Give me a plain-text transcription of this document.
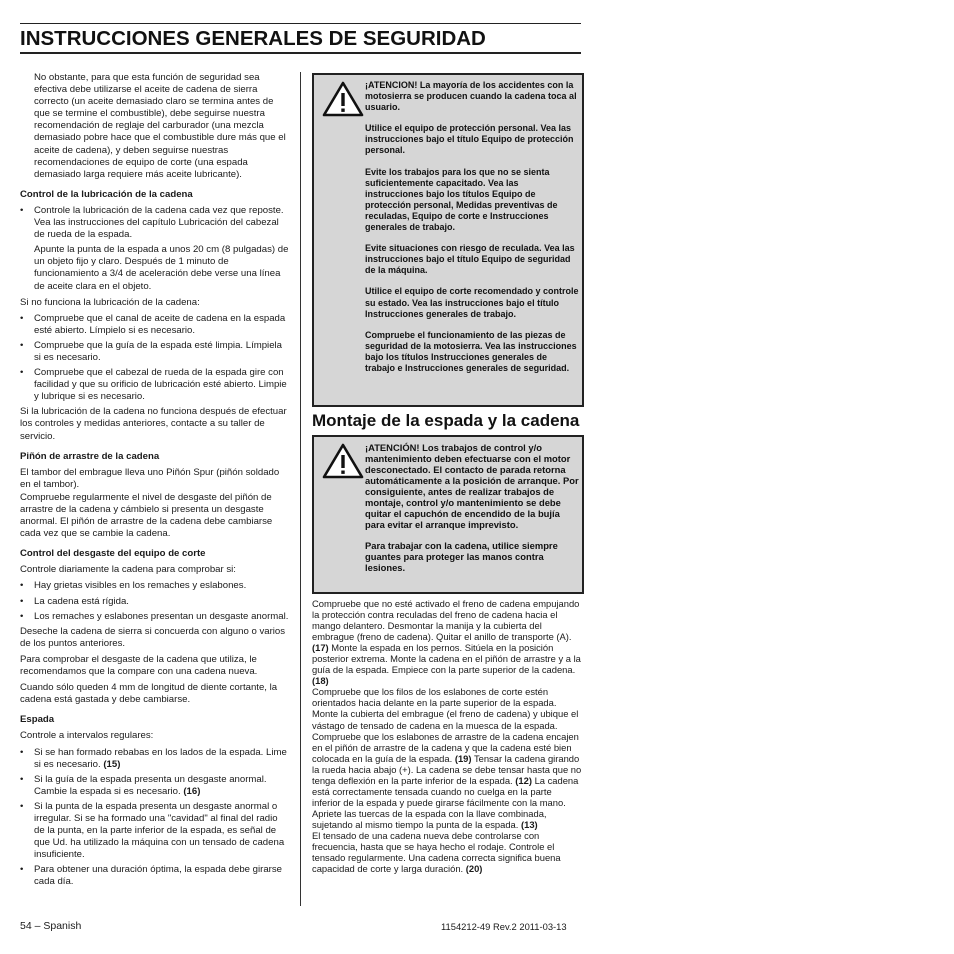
INSTRUCCIONES GENERALES DE SEGURIDAD

No obstante, para que esta función de seguridad sea efectiva debe utilizarse el aceite de cadena de sierra correcto (un aceite demasiado claro se termina antes de que se termine el combustible), debe seguirse nuestra recomendación de reglaje del carburador (una mezcla demasiado pobre hace que el combustible dure más que el aceite de cadena), y deben seguirse nuestras recomendaciones de equipo de corte (una espada demasiado larga requiere más aceite lubricante).

Control de la lubricación de la cadena
• Controle la lubricación de la cadena cada vez que reposte. Vea las instrucciones del capítulo Lubricación del cabezal de rueda de la espada.

Apunte la punta de la espada a unos 20 cm (8 pulgadas) de un objeto fijo y claro. Después de 1 minuto de funcionamiento a 3/4 de aceleración debe verse una línea de aceite clara en el objeto.

Si no funciona la lubricación de la cadena:

• Compruebe que el canal de aceite de cadena en la espada esté abierto. Límpielo si es necesario.
• Compruebe que la guía de la espada esté limpia. Límpiela si es necesario.
• Compruebe que el cabezal de rueda de la espada gire con facilidad y que su orificio de lubricación esté abierto. Limpie y lubrique si es necesario.

Si la lubricación de la cadena no funciona después de efectuar los controles y medidas anteriores, contacte a su taller de servicio.

Piñón de arrastre de la cadena

El tambor del embrague lleva uno Piñón Spur (piñón soldado en el tambor).

Compruebe regularmente el nivel de desgaste del piñón de arrastre de la cadena y cámbielo si presenta un desgaste anormal. El piñón de arrastre de la cadena debe cambiarse cada vez que se cambie la cadena.

Control del desgaste del equipo de corte

Controle diariamente la cadena para comprobar si:

• Hay grietas visibles en los remaches y eslabones.
• La cadena está rígida.
• Los remaches y eslabones presentan un desgaste anormal.

Deseche la cadena de sierra si concuerda con alguno o varios de los puntos anteriores.

Para comprobar el desgaste de la cadena que utiliza, le recomendamos que la compare con una cadena nueva.

Cuando sólo queden 4 mm de longitud de diente cortante, la cadena está gastada y debe cambiarse.

Espada

Controle a intervalos regulares:

• Si se han formado rebabas en los lados de la espada. Lime si es necesario. (15)
• Si la guía de la espada presenta un desgaste anormal. Cambie la espada si es necesario. (16)
• Si la punta de la espada presenta un desgaste anormal o irregular. Si se ha formado una "cavidad" al final del radio de la punta, en la parte inferior de la espada, es señal de que Ud. ha utilizado la máquina con un tensado de cadena insuficiente.
• Para obtener una duración óptima, la espada debe girarse cada día.

¡ATENCION! La mayoría de los accidentes con la motosierra se producen cuando la cadena toca al usuario.

Utilice el equipo de protección personal. Vea las instrucciones bajo el título Equipo de protección personal.

Evite los trabajos para los que no se sienta suficientemente capacitado. Vea las instrucciones bajo los títulos Equipo de protección personal, Medidas preventivas de reculadas, Equipo de corte e Instrucciones generales de trabajo.

Evite situaciones con riesgo de reculada. Vea las instrucciones bajo el título Equipo de seguridad de la máquina.

Utilice el equipo de corte recomendado y controle su estado. Vea las instrucciones bajo el título Instrucciones generales de trabajo.

Compruebe el funcionamiento de las piezas de seguridad de la motosierra. Vea las instrucciones bajo los títulos Instrucciones generales de trabajo e Instrucciones generales de seguridad.

Montaje de la espada y la cadena

¡ATENCIÓN! Los trabajos de control y/o mantenimiento deben efectuarse con el motor desconectado. El contacto de parada retorna automáticamente a la posición de arranque. Por consiguiente, antes de realizar trabajos de montaje, control y/o mantenimiento se debe quitar el capuchón de encendido de la bujía para evitar el arranque imprevisto.

Para trabajar con la cadena, utilice siempre guantes para proteger las manos contra lesiones.

Compruebe que no esté activado el freno de cadena empujando la protección contra reculadas del freno de cadena hacia el mango delantero. Desmontar la manija y la cubierta del embrague (freno de cadena). Quitar el anillo de transporte (A). (17) Monte la espada en los pernos. Sitúela en la posición posterior extrema. Monte la cadena en el piñón de arrastre y a la guía de la espada. Empiece con la parte superior de la cadena. (18)

Compruebe que los filos de los eslabones de corte estén orientados hacia delante en la parte superior de la espada. Monte la cubierta del embrague (el freno de cadena) y ubique el vástago de tensado de cadena en la muesca de la espada. Compruebe que los eslabones de arrastre de la cadena encajen en el piñón de arrastre de la cadena y que la cadena esté bien colocada en la guía de la espada. (19) Tensar la cadena girando la rueda hacia abajo (+). La cadena se debe tensar hasta que no tenga deflexión en la parte inferior de la espada. (12) La cadena está correctamente tensada cuando no cuelga en la parte inferior de la espada y puede girarse fácilmente con la mano. Apriete las tuercas de la espada con la llave combinada, sujetando al mismo tiempo la punta de la espada. (13)

El tensado de una cadena nueva debe controlarse con frecuencia, hasta que se haya hecho el rodaje. Controle el tensado regularmente. Una cadena correcta significa buena capacidad de corte y larga duración. (20)

54 – Spanish	1154212-49 Rev.2 2011-03-13
